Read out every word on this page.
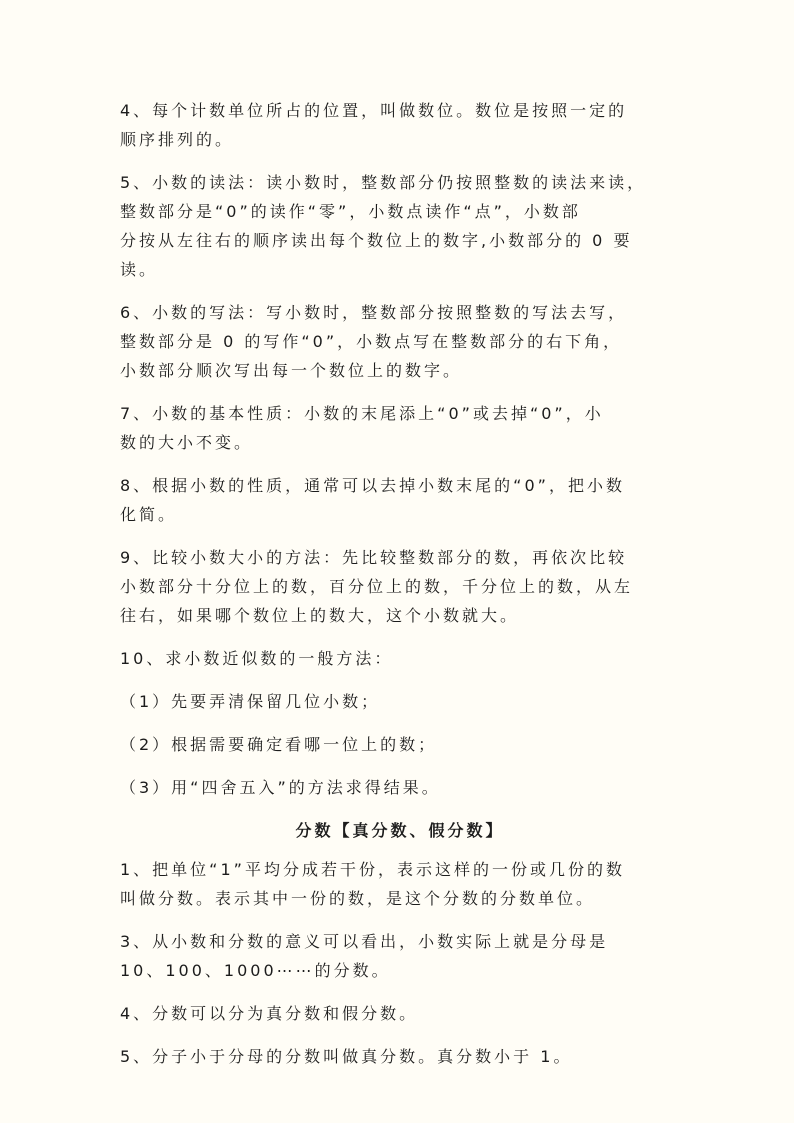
4、每个计数单位所占的位置，叫做数位。数位是按照一定的
顺序排列的。

5、小数的读法：读小数时，整数部分仍按照整数的读法来读，
整数部分是“0”的读作“零”，小数点读作“点”，小数部
分按从左往右的顺序读出每个数位上的数字,小数部分的 0 要
读。

6、小数的写法：写小数时，整数部分按照整数的写法去写，
整数部分是 0 的写作“0”，小数点写在整数部分的右下角，
小数部分顺次写出每一个数位上的数字。

7、小数的基本性质：小数的末尾添上“0”或去掉“0”，小
数的大小不变。

8、根据小数的性质，通常可以去掉小数末尾的“0”，把小数
化简。

9、比较小数大小的方法：先比较整数部分的数，再依次比较
小数部分十分位上的数，百分位上的数，千分位上的数，从左
往右，如果哪个数位上的数大，这个小数就大。

10、求小数近似数的一般方法：

（1）先要弄清保留几位小数；

（2）根据需要确定看哪一位上的数；

（3）用“四舍五入”的方法求得结果。

分数【真分数、假分数】

1、把单位“1”平均分成若干份，表示这样的一份或几份的数
叫做分数。表示其中一份的数，是这个分数的分数单位。

3、从小数和分数的意义可以看出，小数实际上就是分母是
10、100、1000⋯⋯的分数。

4、分数可以分为真分数和假分数。

5、分子小于分母的分数叫做真分数。真分数小于 1。
